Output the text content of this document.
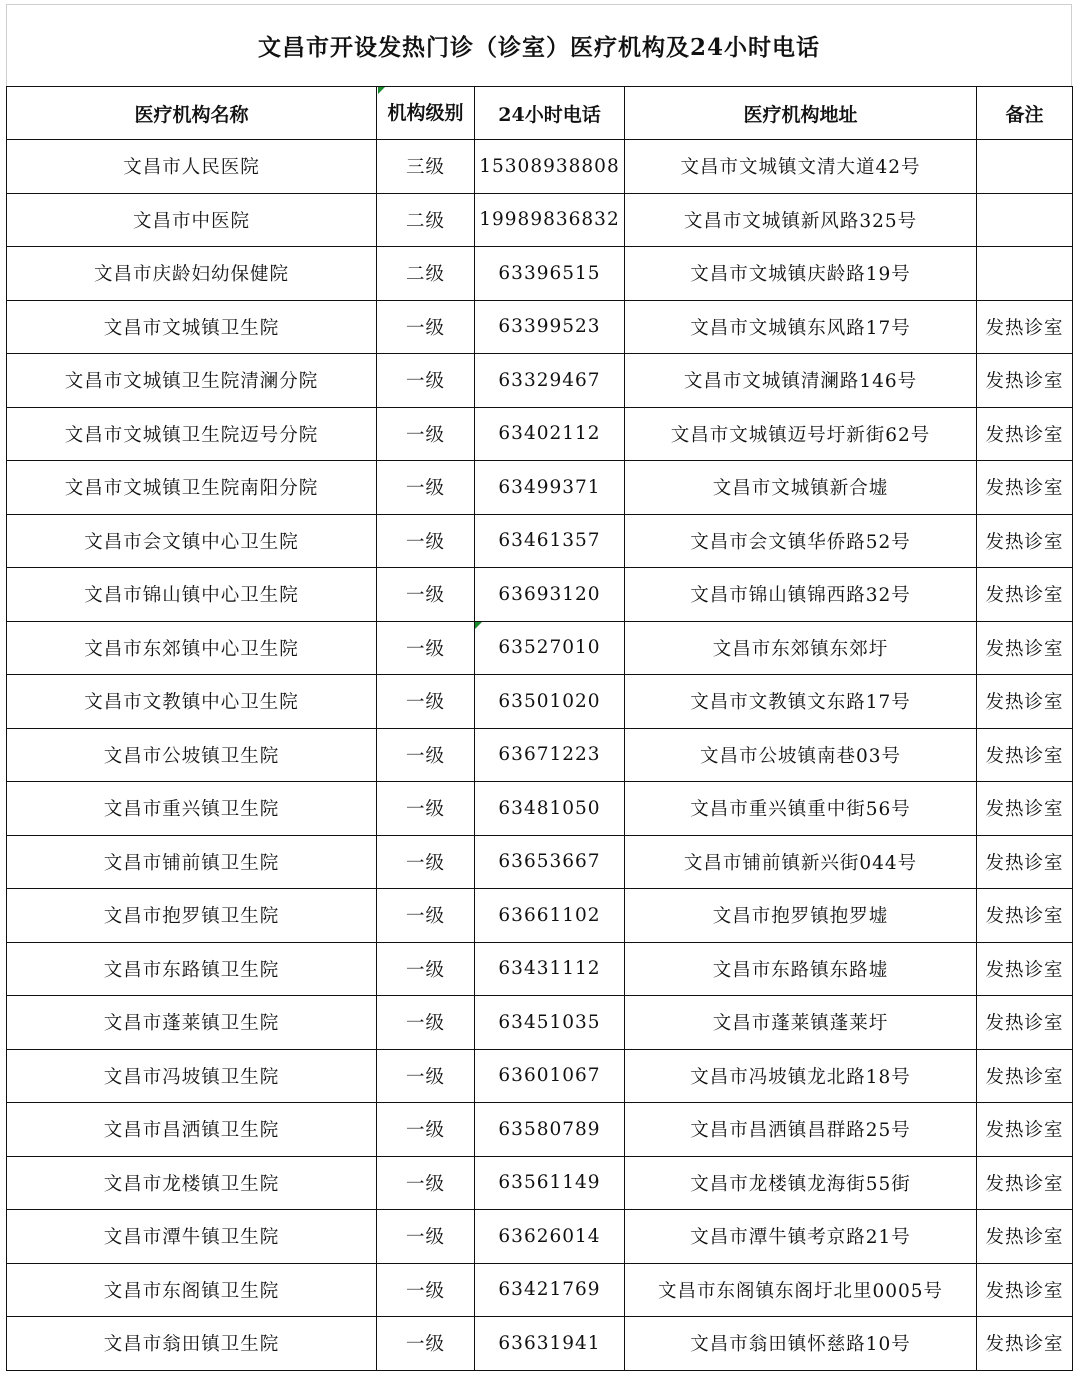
文昌市开设发热门诊（诊室）医疗机构及24小时电话
医疗机构名称	机构级别	24小时电话	医疗机构地址	备注
文昌市人民医院	三级	15308938808	文昌市文城镇文清大道42号	
文昌市中医院	二级	19989836832	文昌市文城镇新风路325号	
文昌市庆龄妇幼保健院	二级	63396515	文昌市文城镇庆龄路19号	
文昌市文城镇卫生院	一级	63399523	文昌市文城镇东风路17号	发热诊室
文昌市文城镇卫生院清澜分院	一级	63329467	文昌市文城镇清澜路146号	发热诊室
文昌市文城镇卫生院迈号分院	一级	63402112	文昌市文城镇迈号圩新街62号	发热诊室
文昌市文城镇卫生院南阳分院	一级	63499371	文昌市文城镇新合墟	发热诊室
文昌市会文镇中心卫生院	一级	63461357	文昌市会文镇华侨路52号	发热诊室
文昌市锦山镇中心卫生院	一级	63693120	文昌市锦山镇锦西路32号	发热诊室
文昌市东郊镇中心卫生院	一级	63527010	文昌市东郊镇东郊圩	发热诊室
文昌市文教镇中心卫生院	一级	63501020	文昌市文教镇文东路17号	发热诊室
文昌市公坡镇卫生院	一级	63671223	文昌市公坡镇南巷03号	发热诊室
文昌市重兴镇卫生院	一级	63481050	文昌市重兴镇重中街56号	发热诊室
文昌市铺前镇卫生院	一级	63653667	文昌市铺前镇新兴街044号	发热诊室
文昌市抱罗镇卫生院	一级	63661102	文昌市抱罗镇抱罗墟	发热诊室
文昌市东路镇卫生院	一级	63431112	文昌市东路镇东路墟	发热诊室
文昌市蓬莱镇卫生院	一级	63451035	文昌市蓬莱镇蓬莱圩	发热诊室
文昌市冯坡镇卫生院	一级	63601067	文昌市冯坡镇龙北路18号	发热诊室
文昌市昌洒镇卫生院	一级	63580789	文昌市昌洒镇昌群路25号	发热诊室
文昌市龙楼镇卫生院	一级	63561149	文昌市龙楼镇龙海街55街	发热诊室
文昌市潭牛镇卫生院	一级	63626014	文昌市潭牛镇考京路21号	发热诊室
文昌市东阁镇卫生院	一级	63421769	文昌市东阁镇东阁圩北里0005号	发热诊室
文昌市翁田镇卫生院	一级	63631941	文昌市翁田镇怀慈路10号	发热诊室
